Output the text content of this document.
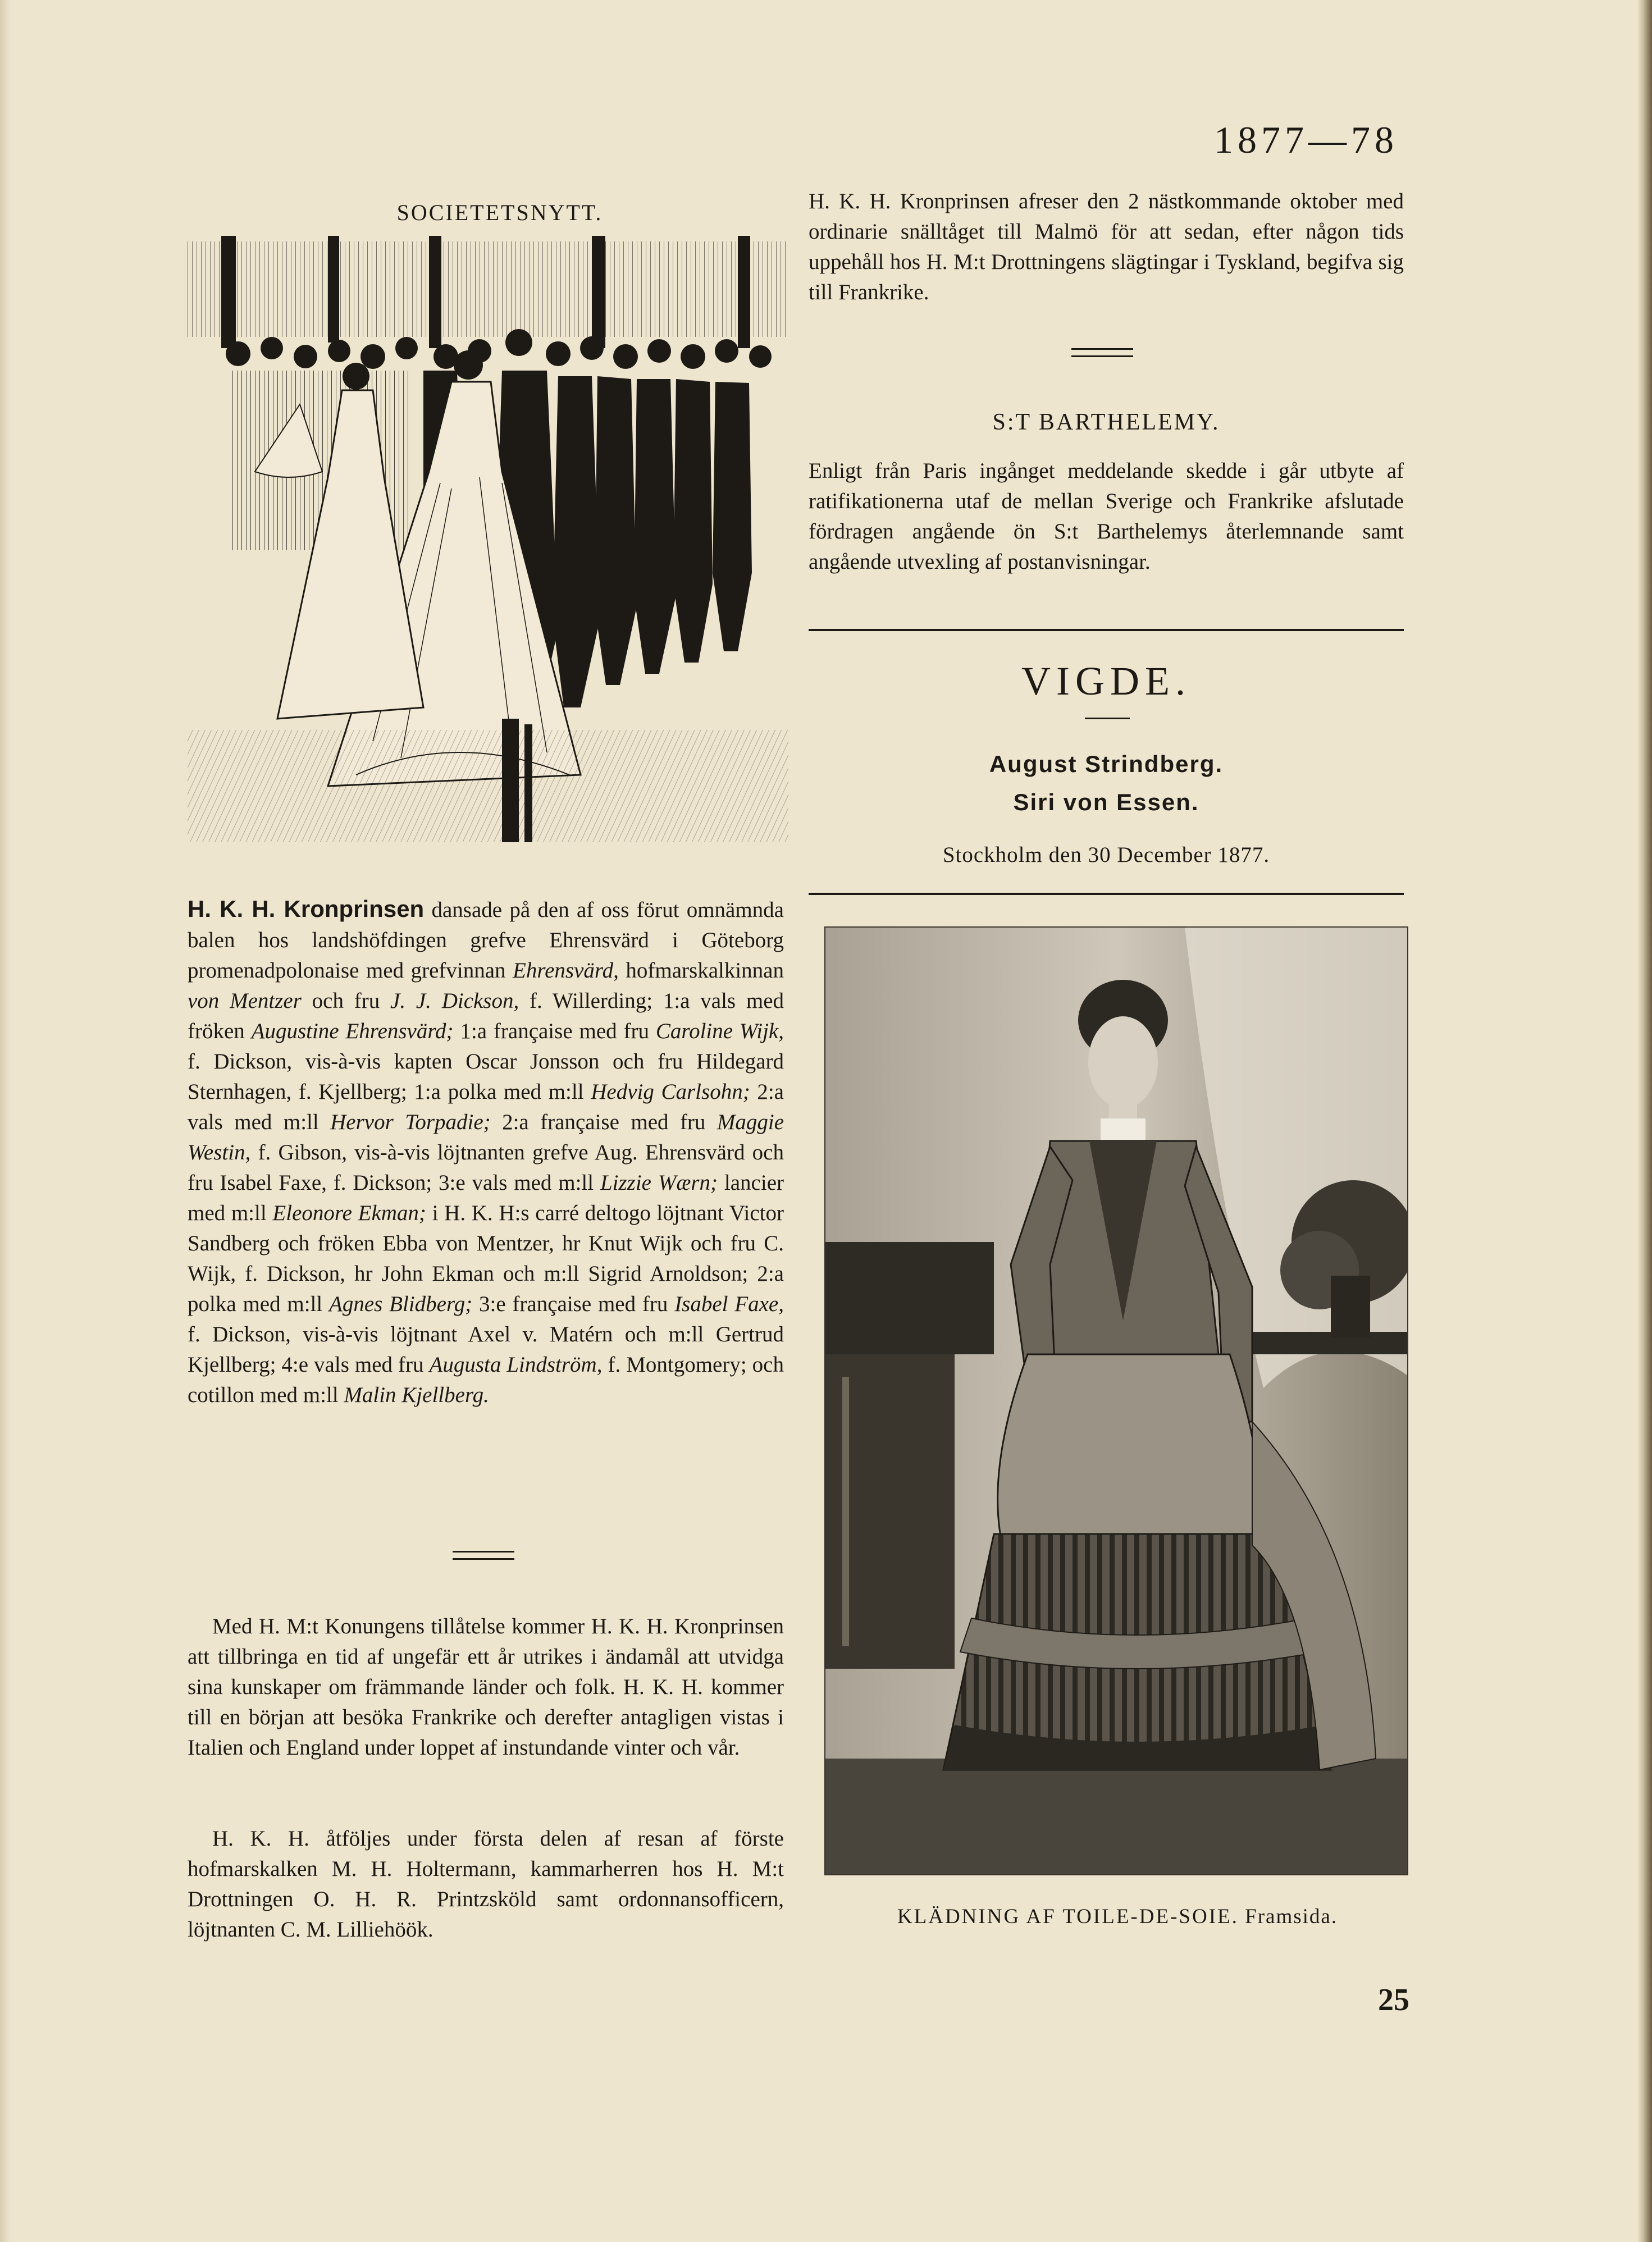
1877—78
SOCIETETSNYTT.	H. K. H. Kronprinsen afreser den 2 nästkommande oktober med ordinarie snälltåget till Malmö för att sedan, efter någon tids uppehåll hos H. M:t Drottningens slägtingar i Tyskland, begifva sig till Frankrike.

S:T BARTHELEMY.

Enligt från Paris ingånget meddelande skedde i går utbyte af ratifikationerna utaf de mellan Sverige och Frankrike afslutade fördragen angående ön S:t Barthelemys återlemnande samt angående utvexling af postanvisningar.

VIGDE.
August Strindberg.
Siri von Essen.
Stockholm den 30 December 1877.
KLÄDNING AF TOILE-DE-SOIE. Framsida.

H. K. H. Kronprinsen dansade på den af oss förut omnämnda balen hos landshöfdingen grefve Ehrensvärd i Göteborg promenadpolonaise med grefvinnan Ehrensvärd, hofmarskalkinnan von Mentzer och fru J. J. Dickson, f. Willerding; 1:a vals med fröken Augustine Ehrensvärd; 1:a française med fru Caroline Wijk, f. Dickson, vis-à-vis kapten Oscar Jonsson och fru Hildegard Sternhagen, f. Kjellberg; 1:a polka med m:ll Hedvig Carlsohn; 2:a vals med m:ll Hervor Torpadie; 2:a française med fru Maggie Westin, f. Gibson, vis-à-vis löjtnanten grefve Aug. Ehrensvärd och fru Isabel Faxe, f. Dickson; 3:e vals med m:ll Lizzie Wærn; lancier med m:ll Eleonore Ekman; i H. K. H:s carré deltogo löjtnant Victor Sandberg och fröken Ebba von Mentzer, hr Knut Wijk och fru C. Wijk, f. Dickson, hr John Ekman och m:ll Sigrid Arnoldson; 2:a polka med m:ll Agnes Blidberg; 3:e française med fru Isabel Faxe, f. Dickson, vis-à-vis löjtnant Axel v. Matérn och m:ll Gertrud Kjellberg; 4:e vals med fru Augusta Lindström, f. Montgomery; och cotillon med m:ll Malin Kjellberg.

Med H. M:t Konungens tillåtelse kommer H. K. H. Kronprinsen att tillbringa en tid af ungefär ett år utrikes i ändamål att utvidga sina kunskaper om främmande länder och folk. H. K. H. kommer till en början att besöka Frankrike och derefter antagligen vistas i Italien och England under loppet af instundande vinter och vår.

H. K. H. åtföljes under första delen af resan af förste hofmarskalken M. H. Holtermann, kammarherren hos H. M:t Drottningen O. H. R. Printzsköld samt ordonnansofficern, löjtnanten C. M. Lilliehöök.

25
